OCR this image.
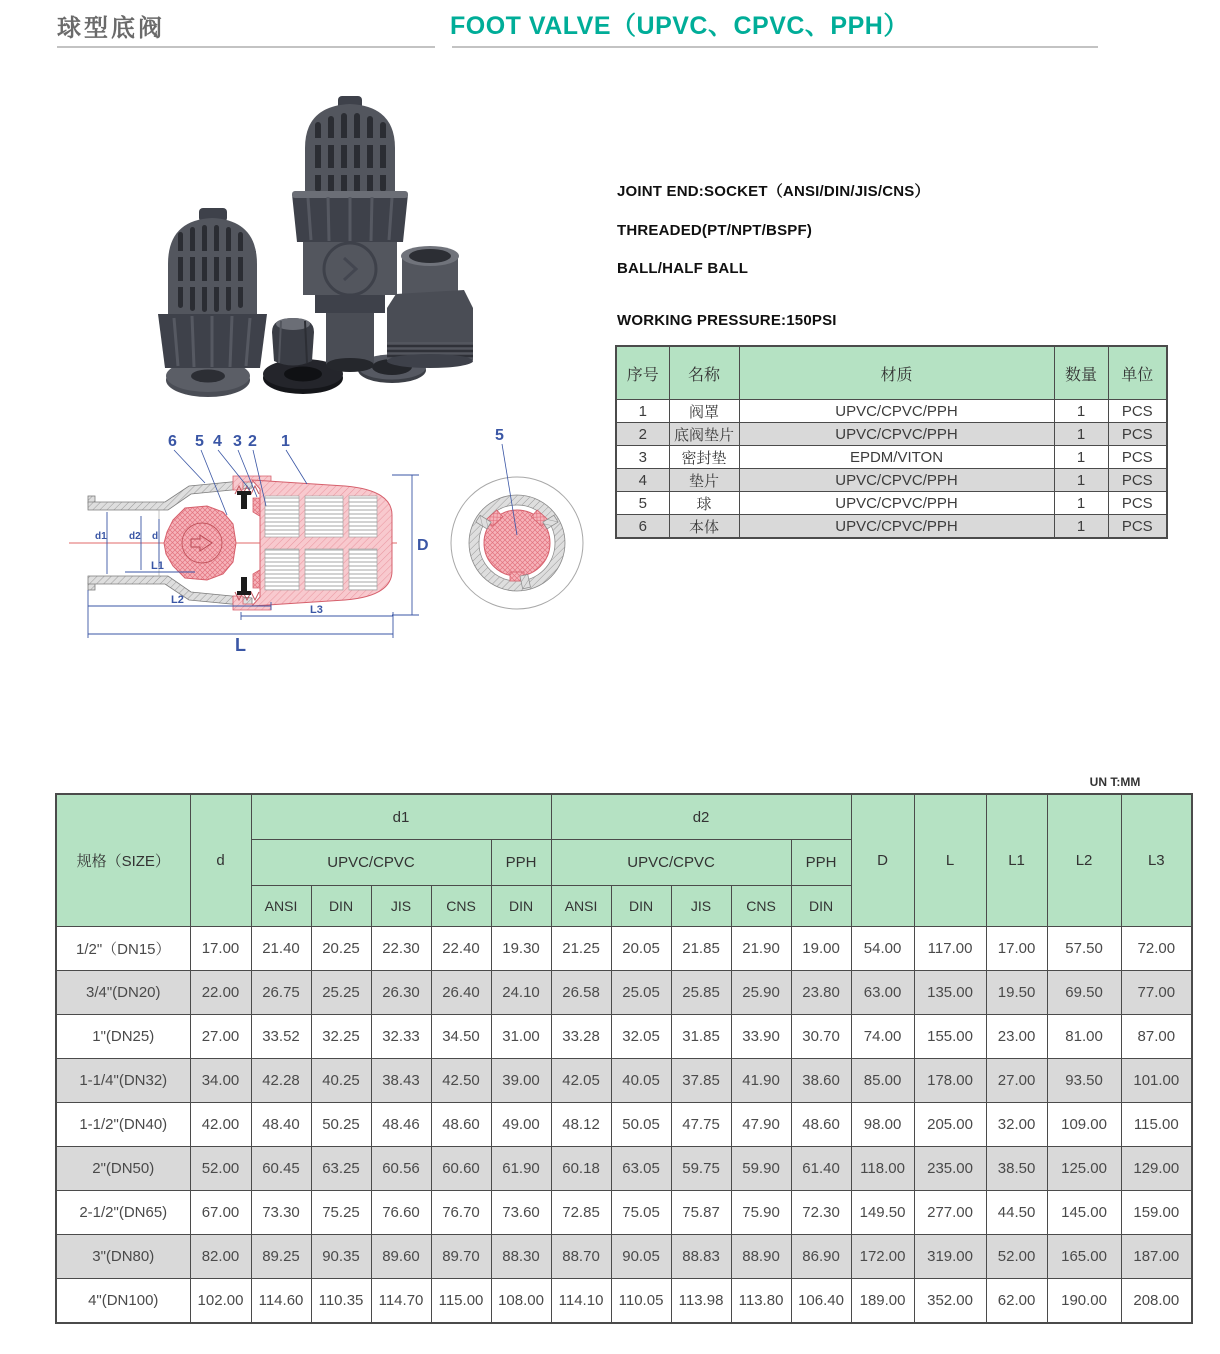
球型底阀	FOOT VALVE（UPVC、CPVC、PPH）
6 5 4 3 2 1
d1 d2 d
L1
L2
L3
L
D
5
JOINT END:SOCKET（ANSI/DIN/JIS/CNS）
THREADED(PT/NPT/BSPF)
BALL/HALF BALL
WORKING PRESSURE:150PSI
序号	名称	材质	数量	单位
1	阀罩	UPVC/CPVC/PPH	1	PCS
2	底阀垫片	UPVC/CPVC/PPH	1	PCS
3	密封垫	EPDM/VITON	1	PCS
4	垫片	UPVC/CPVC/PPH	1	PCS
5	球	UPVC/CPVC/PPH	1	PCS
6	本体	UPVC/CPVC/PPH	1	PCS
UN T:MM
规格（SIZE）	d	d1					d2					D	L	L1	L2	L3
		UPVC/CPVC				PPH	UPVC/CPVC				PPH					
		ANSI	DIN	JIS	CNS	DIN	ANSI	DIN	JIS	CNS	DIN					
1/2"（DN15）	17.00	21.40	20.25	22.30	22.40	19.30	21.25	20.05	21.85	21.90	19.00	54.00	117.00	17.00	57.50	72.00
3/4"(DN20)	22.00	26.75	25.25	26.30	26.40	24.10	26.58	25.05	25.85	25.90	23.80	63.00	135.00	19.50	69.50	77.00
1"(DN25)	27.00	33.52	32.25	32.33	34.50	31.00	33.28	32.05	31.85	33.90	30.70	74.00	155.00	23.00	81.00	87.00
1-1/4"(DN32)	34.00	42.28	40.25	38.43	42.50	39.00	42.05	40.05	37.85	41.90	38.60	85.00	178.00	27.00	93.50	101.00
1-1/2"(DN40)	42.00	48.40	50.25	48.46	48.60	49.00	48.12	50.05	47.75	47.90	48.60	98.00	205.00	32.00	109.00	115.00
2"(DN50)	52.00	60.45	63.25	60.56	60.60	61.90	60.18	63.05	59.75	59.90	61.40	118.00	235.00	38.50	125.00	129.00
2-1/2"(DN65)	67.00	73.30	75.25	76.60	76.70	73.60	72.85	75.05	75.87	75.90	72.30	149.50	277.00	44.50	145.00	159.00
3"(DN80)	82.00	89.25	90.35	89.60	89.70	88.30	88.70	90.05	88.83	88.90	86.90	172.00	319.00	52.00	165.00	187.00
4"(DN100)	102.00	114.60	110.35	114.70	115.00	108.00	114.10	110.05	113.98	113.80	106.40	189.00	352.00	62.00	190.00	208.00
